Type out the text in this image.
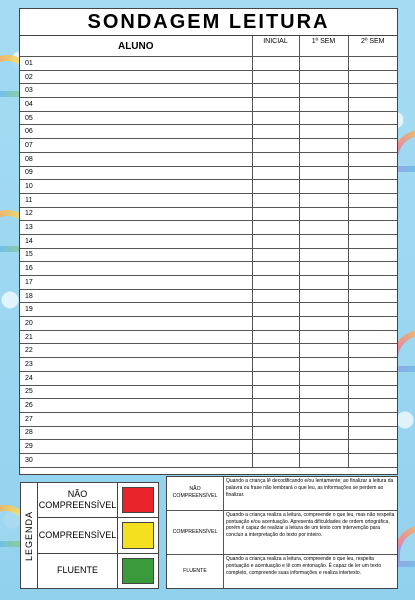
SONDAGEM LEITURA
ALUNO	INICIAL	1º SEM	2º SEM
01			
02			
03			
04			
05			
06			
07			
08			
09			
10			
11			
12			
13			
14			
15			
16			
17			
18			
19			
20			
21			
22			
23			
24			
25			
26			
27			
28			
29			
30			
LEGENDA
NÃO COMPREENSÍVEL
COMPREENSÍVEL
FLUENTE
NÃO COMPREENSÍVEL	Quando a criança lê decodificando e/ou lentamente; ao finalizar a leitura da palavra ou frase não lembrará o que leu, as informações se perdem ao finalizar.
COMPREENSÍVEL	Quando a criança realiza a leitura, compreende o que leu, mas não respeita pontuação e/ou acentuação. Apresenta dificuldades de ordem ortográfica, porém é capaz de realizar a leitura de um texto com intervenção para concluir a interpretação do texto por inteiro.
FLUENTE	Quando a criança realiza a leitura, compreende o que leu, respeita pontuação e acentuação e lê com entonação. É capaz de ler um texto completo, compreende suas informações e realiza intertexto.
